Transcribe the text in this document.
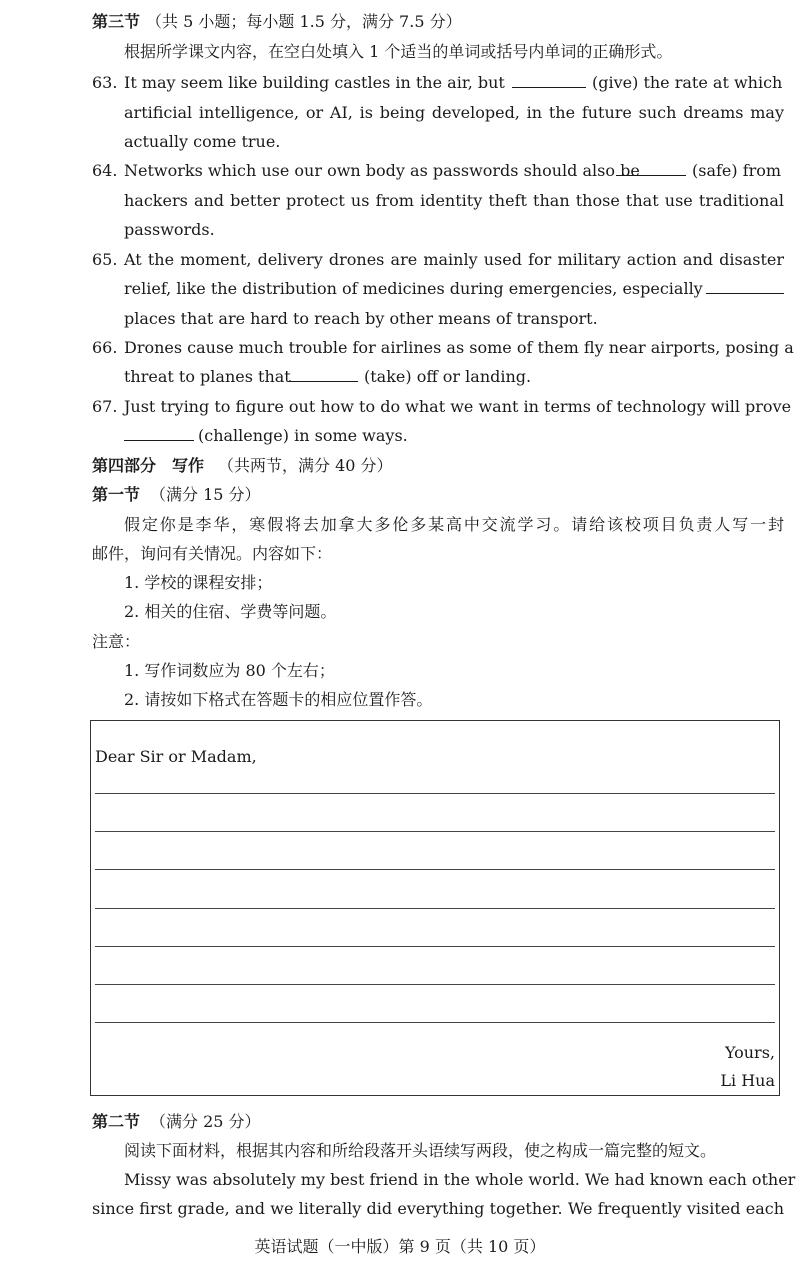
第三节 （共 5 小题；每小题 1.5 分，满分 7.5 分）
根据所学课文内容，在空白处填入 1 个适当的单词或括号内单词的正确形式。
63. It may seem like building castles in the air, but	(give) the rate at which
artificial intelligence, or AI, is being developed, in the future such dreams may
actually come true.
64. Networks which use our own body as passwords should also be	(safe) from
hackers and better protect us from identity theft than those that use traditional
passwords.
65. At the moment, delivery drones are mainly used for military action and disaster
relief, like the distribution of medicines during emergencies, especially
places that are hard to reach by other means of transport.
66. Drones cause much trouble for airlines as some of them fly near airports, posing a
threat to planes that	(take) off or landing.
67. Just trying to figure out how to do what we want in terms of technology will prove
(challenge) in some ways.
第四部分　写作 （共两节，满分 40 分）
第一节 （满分 15 分）
假定你是李华，寒假将去加拿大多伦多某高中交流学习。请给该校项目负责人写一封
邮件，询问有关情况。内容如下：
1. 学校的课程安排；
2. 相关的住宿、学费等问题。
注意：
1. 写作词数应为 80 个左右；
2. 请按如下格式在答题卡的相应位置作答。
Dear Sir or Madam,
Yours,
Li Hua
第二节 （满分 25 分）
阅读下面材料，根据其内容和所给段落开头语续写两段，使之构成一篇完整的短文。
Missy was absolutely my best friend in the whole world. We had known each other
since first grade, and we literally did everything together. We frequently visited each
英语试题（一中版）第 9 页（共 10 页）
